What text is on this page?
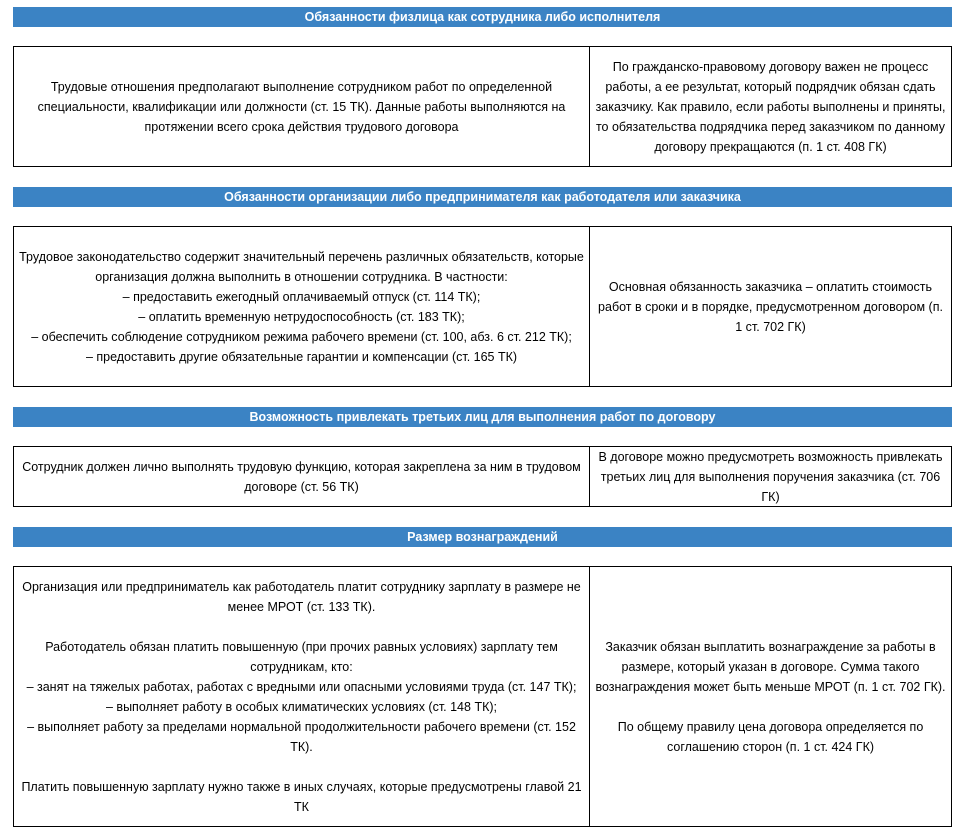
Обязанности физлица как сотрудника либо исполнителя

Трудовые отношения предполагают выполнение сотрудником работ по определенной специальности, квалификации или должности (ст. 15 ТК). Данные работы выполняются на протяжении всего срока действия трудового договора

По гражданско-правовому договору важен не процесс работы, а ее результат, который подрядчик обязан сдать заказчику. Как правило, если работы выполнены и приняты, то обязательства подрядчика перед заказчиком по данному договору прекращаются (п. 1 ст. 408 ГК)

Обязанности организации либо предпринимателя как работодателя или заказчика

Трудовое законодательство содержит значительный перечень различных обязательств, которые организация должна выполнить в отношении сотрудника. В частности:

– предоставить ежегодный оплачиваемый отпуск (ст. 114 ТК);

– оплатить временную нетрудоспособность (ст. 183 ТК);

– обеспечить соблюдение сотрудником режима рабочего времени (ст. 100, абз. 6 ст. 212 ТК);

– предоставить другие обязательные гарантии и компенсации (ст. 165 ТК)

Основная обязанность заказчика – оплатить стоимость работ в сроки и в порядке, предусмотренном договором (п. 1 ст. 702 ГК)

Возможность привлекать третьих лиц для выполнения работ по договору

Сотрудник должен лично выполнять трудовую функцию, которая закреплена за ним в трудовом договоре (ст. 56 ТК)

В договоре можно предусмотреть возможность привлекать третьих лиц для выполнения поручения заказчика (ст. 706 ГК)

Размер вознаграждений

Организация или предприниматель как работодатель платит сотруднику зарплату в размере не менее МРОТ (ст. 133 ТК).

Работодатель обязан платить повышенную (при прочих равных условиях) зарплату тем сотрудникам, кто:

– занят на тяжелых работах, работах с вредными или опасными условиями труда (ст. 147 ТК);

– выполняет работу в особых климатических условиях (ст. 148 ТК);

– выполняет работу за пределами нормальной продолжительности рабочего времени (ст. 152 ТК).

Платить повышенную зарплату нужно также в иных случаях, которые предусмотрены главой 21 ТК

Заказчик обязан выплатить вознаграждение за работы в размере, который указан в договоре. Сумма такого вознаграждения может быть меньше МРОТ (п. 1 ст. 702 ГК).

По общему правилу цена договора определяется по соглашению сторон (п. 1 ст. 424 ГК)
